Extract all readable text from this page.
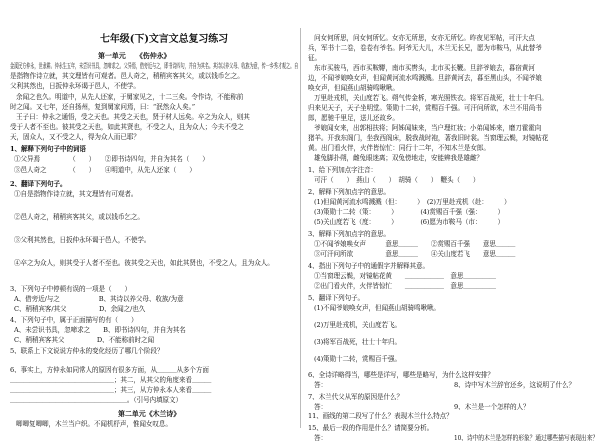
七年级(下)文言文总复习练习
第一单元　　《伤仲永》
金溪民方仲永，世隶耕。仲永生五年，未尝识书具，忽啼求之。父异焉，借旁近与之，即书诗四句，并自为其名。其诗以养父母、收族为意，传一乡秀才观之。自
是指物作诗立就，其文理皆有可观者。邑人奇之，稍稍宾客其父，或以钱币乞之。
父利其然也，日扳仲永环谒于邑人，不使学。
余闻之也久。明道中，从先人还家，于舅家见之，十二三矣。令作诗，不能称前
时之闻。又七年，还自扬州，复到舅家问焉，曰：“泯然众人矣。”
王子曰：仲永之通悟，受之天也。其受之天也，贤于材人远矣。卒之为众人，则其
受于人者不至也。彼其受之天也，如此其贤也，不受之人，且为众人；今夫不受之
天，固众人，又不受之人，得为众人而已耶？
1、解释下列句子中的词语
①父异焉　　　　　（　　）　　②即书诗四句，并自为其名（　　）
③邑人奇之　　　　（　　）　　④明道中，从先人还家（　　）
2、翻译下列句子。
①自是指物作诗立就，其文理皆有可观者。
②邑人奇之，稍稍宾客其父，或以钱币乞之。
③父利其然也，日扳仲永环谒于邑人，不使学。
④卒之为众人，则其受于人者不至也。彼其受之天也，如此其贤也，不受之人，且为众人。
3、下列句子中停顿有误的一项是（　　）
A、借旁近/与之　　　　　　B、其诗以养父母、收族/为意
C、稍稍宾客/其父　　　　　D、余闻之/也久
4、下列句子中，属于正面描写的有（　　）
A、未尝识书具，忽啼求之　　B、即书诗四句，并自为其名
C、稍稍宾客其父　　　　　D、不能称前时之闻
5、联系上下文说说方仲永的变化经历了哪几个阶段？
6、事实上，方仲永如同常人的原因有很多方面，从＿＿＿从多个方面
＿＿＿＿＿＿＿＿＿＿＿＿＿＿＿＿；其二，从其父的角度来看＿＿＿
＿＿＿＿＿＿＿＿＿＿＿＿＿＿＿＿；其三，从方仲永本人来看＿＿＿
＿＿＿＿＿＿＿＿＿＿＿＿＿＿＿＿＿＿。（引号内填原文）
第二单元《木兰诗》
唧唧复唧唧，木兰当户织。不闻机杼声，惟闻女叹息。
问女何所思，问女何所忆。女亦无所思，女亦无所忆。昨夜见军帖，可汗大点
兵，军书十二卷，卷卷有爷名。阿爷无大儿，木兰无长兄，愿为市鞍马，从此替爷
征。
东市买骏马，西市买鞍鞯，南市买辔头，北市买长鞭。旦辞爷娘去，暮宿黄河
边，不闻爷娘唤女声，但闻黄河流水鸣溅溅。旦辞黄河去，暮至黑山头，不闻爷娘
唤女声，但闻燕山胡骑鸣啾啾。
万里赴戎机，关山度若飞。朔气传金柝，寒光照铁衣。将军百战死，壮士十年归。
归来见天子，天子坐明堂。策勋十二转，赏赐百千强。可汗问所欲，木兰不用尚书
郎，愿驰千里足，送儿还故乡。
爷娘闻女来，出郭相扶将；阿姊闻妹来，当户理红妆；小弟闻姊来，磨刀霍霍向
猪羊。开我东阁门，坐我西阁床，脱我战时袍，著我旧时裳。当窗理云鬓，对镜帖花
黄。出门看火伴，火伴皆惊忙：同行十二年，不知木兰是女郎。
雄兔脚扑朔，雌兔眼迷离；双兔傍地走，安能辨我是雄雌？
1、给下列加点字注音：
可汗（　　）　燕山（　　）　胡骑（　　）　鞭头（　　）
2、解释下列加点字的意思。
(1)但闻黄河流水鸣溅溅（但：　　　）　(2)万里赴戎机（赴：　　　）
(3)策勋十二转（策：　　　）　　　　(4)赏赐百千强（强：　　　）
(5)关山度若飞（度：　　　）　　　　(6)愿为市鞍马（市：　　　）
3、解释下列加点字的意思。
①不闻爷娘唤女声　　　意思＿＿＿　　②赏赐百千强　　意思＿＿＿
③可汗问所欲　　　　　意思＿＿＿　　④关山度若飞　　意思＿＿＿
4、指出下列句子中的通假字并解释其意。
①当窗理云鬓，对镜帖花黄　　＿＿＿＿＿＿　意思＿＿＿＿＿
②出门看火伴，火伴皆惊忙　　＿＿＿＿＿＿　意思＿＿＿＿＿
5、翻译下列句子。
(1)不闻爷娘唤女声，但闻燕山胡骑鸣啾啾。
(2)万里赴戎机，关山度若飞。
(3)将军百战死，壮士十年归。
(4)策勋十二转，赏赐百千强。
6、全诗详略得当，哪些是详写，哪些是略写，为什么这样安排？
答：
7、木兰代父从军的原因是什么？
答：
11、画线的第二段写了什么？表现木兰什么特点？
15、最后一段的作用是什么？请简要分析。
答：
8、诗中写木兰辞官还乡，这说明了什么？
9、木兰是一个怎样的人？
10、诗中的木兰是怎样的形象？通过哪些描写表现出来？
